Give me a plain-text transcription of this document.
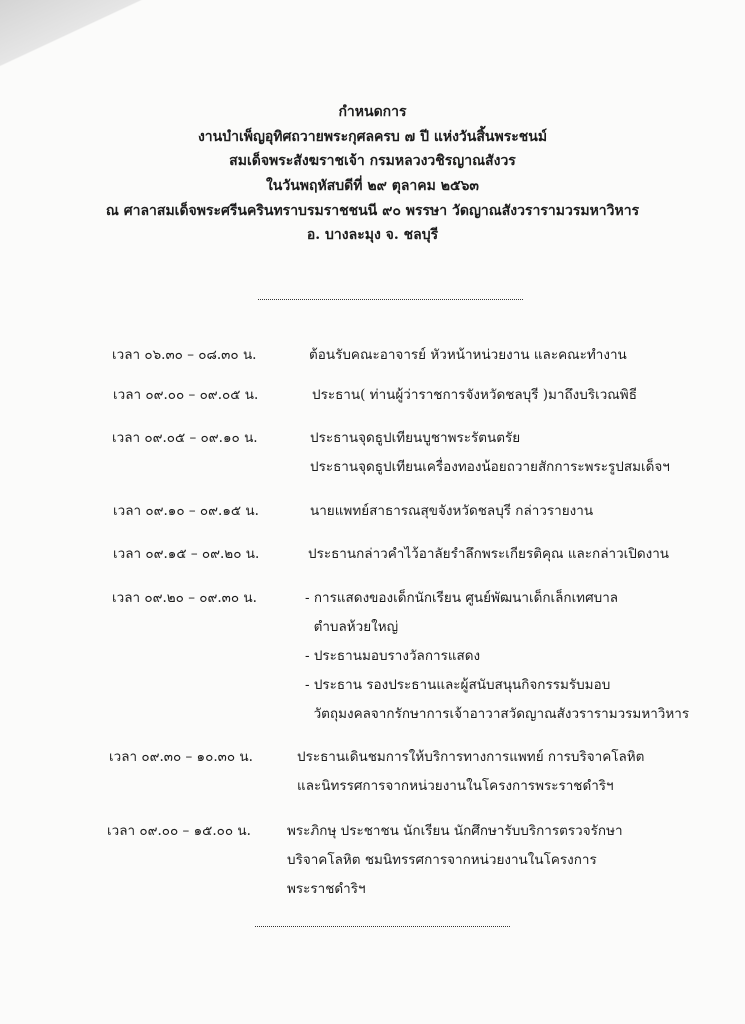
กำหนดการ
งานบำเพ็ญอุทิศถวายพระกุศลครบ ๗ ปี แห่งวันสิ้นพระชนม์
สมเด็จพระสังฆราชเจ้า กรมหลวงวชิรญาณสังวร
ในวันพฤหัสบดีที่ ๒๙ ตุลาคม ๒๕๖๓
ณ ศาลาสมเด็จพระศรีนครินทราบรมราชชนนี ๙๐ พรรษา วัดญาณสังวรารามวรมหาวิหาร
อ. บางละมุง จ. ชลบุรี
เวลา ๐๖.๓๐ – ๐๘.๓๐ น.	ต้อนรับคณะอาจารย์ หัวหน้าหน่วยงาน และคณะทำงาน
เวลา ๐๙.๐๐ – ๐๙.๐๕ น.	ประธาน( ท่านผู้ว่าราชการจังหวัดชลบุรี )มาถึงบริเวณพิธี
เวลา ๐๙.๐๕ – ๐๙.๑๐ น.	ประธานจุดธูปเทียนบูชาพระรัตนตรัย
ประธานจุดธูปเทียนเครื่องทองน้อยถวายสักการะพระรูปสมเด็จฯ
เวลา ๐๙.๑๐ – ๐๙.๑๕ น.	นายแพทย์สาธารณสุขจังหวัดชลบุรี กล่าวรายงาน
เวลา ๐๙.๑๕ – ๐๙.๒๐ น.	ประธานกล่าวคำไว้อาลัยรำลึกพระเกียรติคุณ และกล่าวเปิดงาน
เวลา ๐๙.๒๐ – ๐๙.๓๐ น.	- การแสดงของเด็กนักเรียน ศูนย์พัฒนาเด็กเล็กเทศบาล
ตำบลห้วยใหญ่
- ประธานมอบรางวัลการแสดง
- ประธาน รองประธานและผู้สนับสนุนกิจกรรมรับมอบ
วัตถุมงคลจากรักษาการเจ้าอาวาสวัดญาณสังวรารามวรมหาวิหาร
เวลา ๐๙.๓๐ – ๑๐.๓๐ น.	ประธานเดินชมการให้บริการทางการแพทย์ การบริจาคโลหิต
และนิทรรศการจากหน่วยงานในโครงการพระราชดำริฯ
เวลา ๐๙.๐๐ – ๑๕.๐๐ น.	พระภิกษุ ประชาชน นักเรียน นักศึกษารับบริการตรวจรักษา
บริจาคโลหิต ชมนิทรรศการจากหน่วยงานในโครงการ
พระราชดำริฯ
